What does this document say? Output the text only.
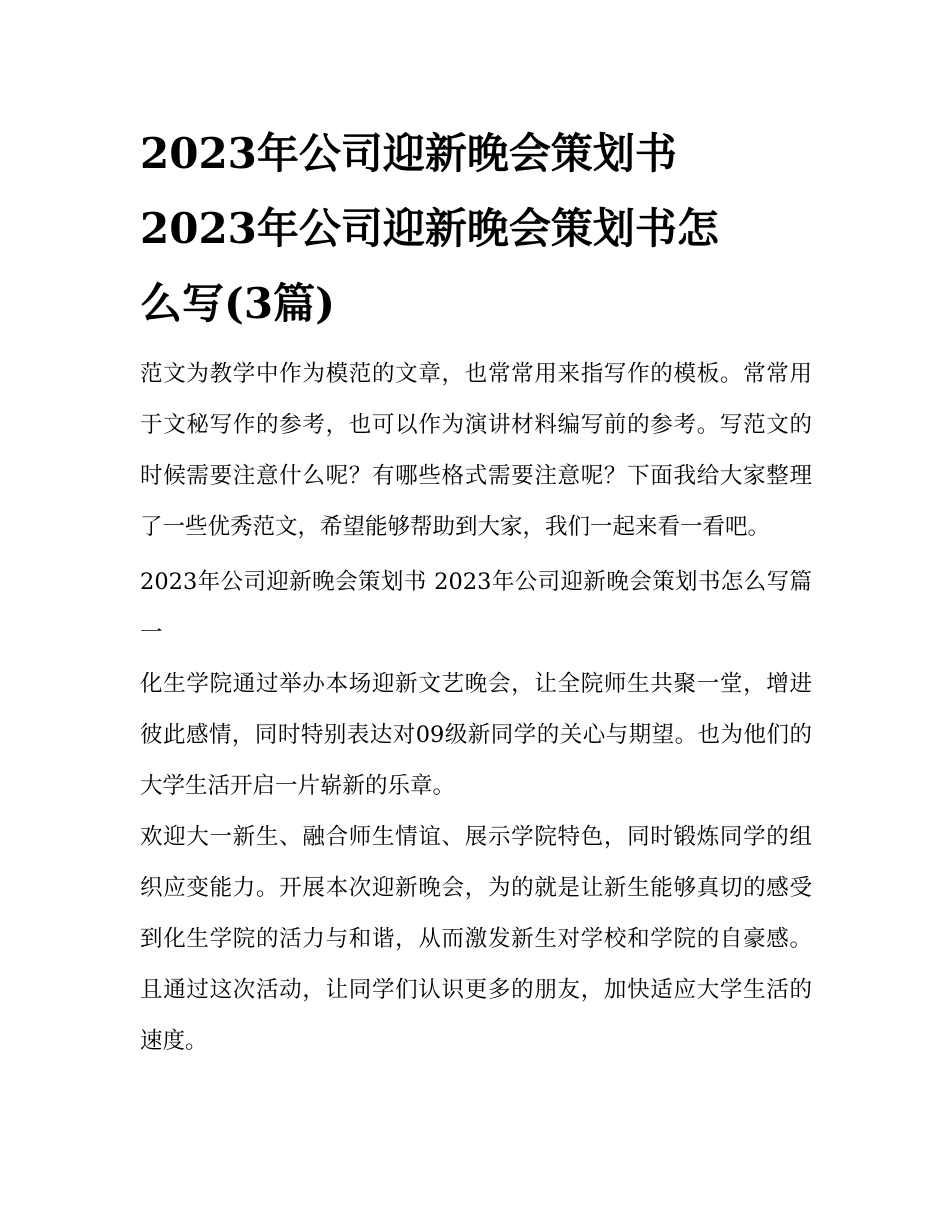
2023年公司迎新晚会策划书
2023年公司迎新晚会策划书怎
么写(3篇)

范文为教学中作为模范的文章，也常常用来指写作的模板。常常用于文秘写作的参考，也可以作为演讲材料编写前的参考。写范文的时候需要注意什么呢？有哪些格式需要注意呢？下面我给大家整理了一些优秀范文，希望能够帮助到大家，我们一起来看一看吧。

2023年公司迎新晚会策划书 2023年公司迎新晚会策划书怎么写篇一

化生学院通过举办本场迎新文艺晚会，让全院师生共聚一堂，增进彼此感情，同时特别表达对09级新同学的关心与期望。也为他们的大学生活开启一片崭新的乐章。

欢迎大一新生、融合师生情谊、展示学院特色，同时锻炼同学的组织应变能力。开展本次迎新晚会，为的就是让新生能够真切的感受到化生学院的活力与和谐，从而激发新生对学校和学院的自豪感。且通过这次活动，让同学们认识更多的朋友，加快适应大学生活的速度。
